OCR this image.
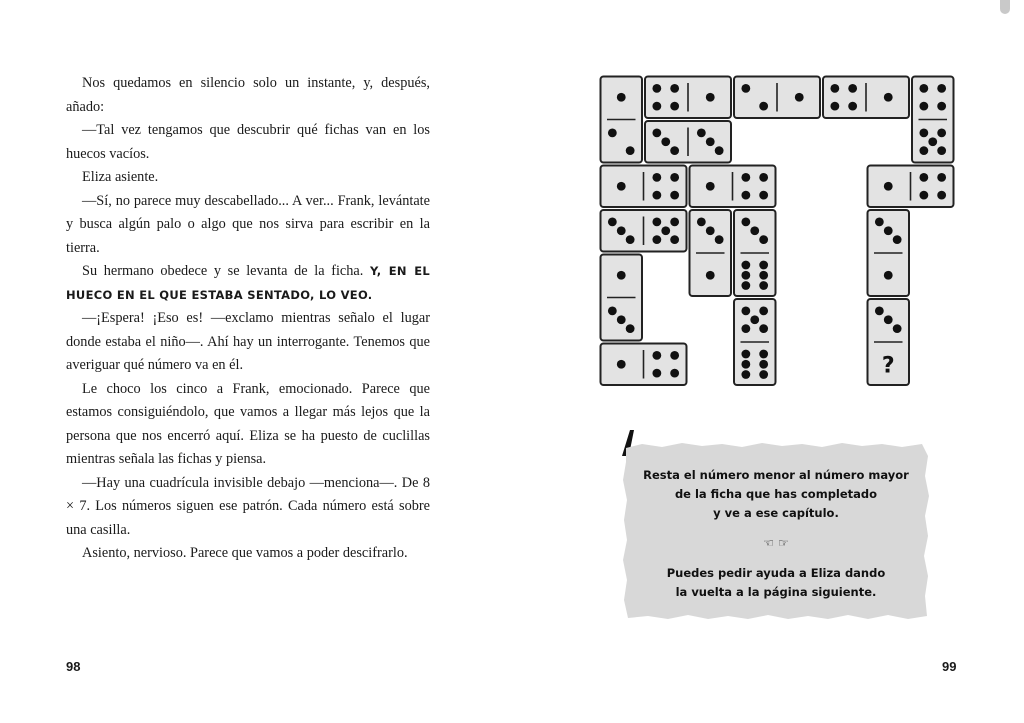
Nos quedamos en silencio solo un instante, y, después, añado:

—Tal vez tengamos que descubrir qué fichas van en los huecos vacíos.

Eliza asiente.

—Sí, no parece muy descabellado... A ver... Frank, levántate y busca algún palo o algo que nos sirva para escribir en la tierra.

Su hermano obedece y se levanta de la ficha. Y, EN EL HUECO EN EL QUE ESTABA SENTADO, LO VEO.

—¡Espera! ¡Eso es! —exclamo mientras señalo el lugar donde estaba el niño—. Ahí hay un interrogante. Tenemos que averiguar qué número va en él.

Le choco los cinco a Frank, emocionado. Parece que estamos consiguiéndolo, que vamos a llegar más lejos que la persona que nos encerró aquí. Eliza se ha puesto de cuclillas mientras señala las fichas y piensa.

—Hay una cuadrícula invisible debajo —menciona—. De 8 × 7. Los números siguen ese patrón. Cada número está sobre una casilla.

Asiento, nervioso. Parece que vamos a poder descifrarlo.

98
?
Resta el número menor al número mayor
de la ficha que has completado
y ve a ese capítulo.
☜ ☞
Puedes pedir ayuda a Eliza dando
la vuelta a la página siguiente.
99
